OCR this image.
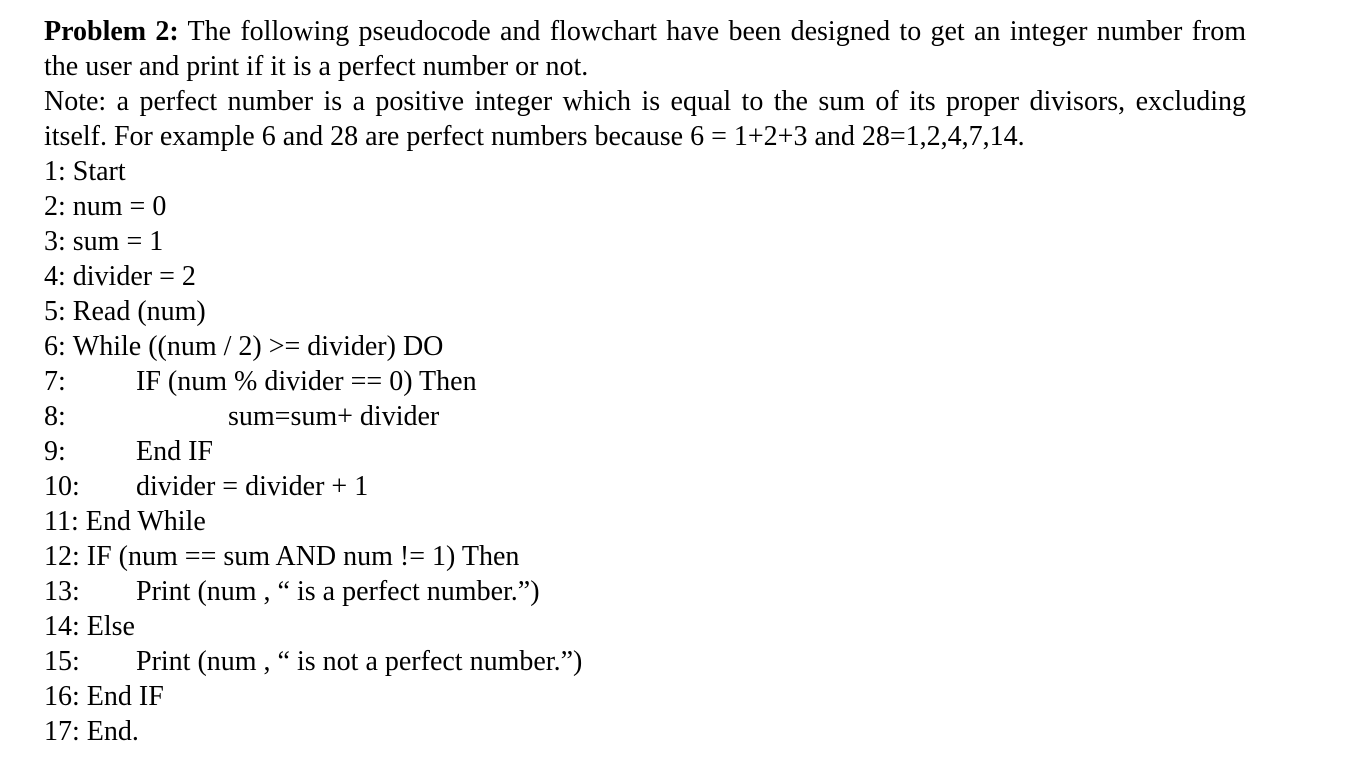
Problem 2: The following pseudocode and flowchart have been designed to get an integer number from the user and print if it is a perfect number or not.

Note: a perfect number is a positive integer which is equal to the sum of its proper divisors, excluding itself. For example 6 and 28 are perfect numbers because 6 = 1+2+3 and 28=1,2,4,7,14.

1: Start
2: num = 0
3: sum = 1
4: divider = 2
5: Read (num)
6: While ((num / 2) >= divider) DO
7:	IF (num % divider == 0) Then
8:	sum=sum+ divider
9:	End IF
10:	divider = divider + 1
11: End While
12: IF (num == sum AND num != 1) Then
13:	Print (num , “ is a perfect number.”)
14: Else
15:	Print (num , “ is not a perfect number.”)
16: End IF
17: End.
